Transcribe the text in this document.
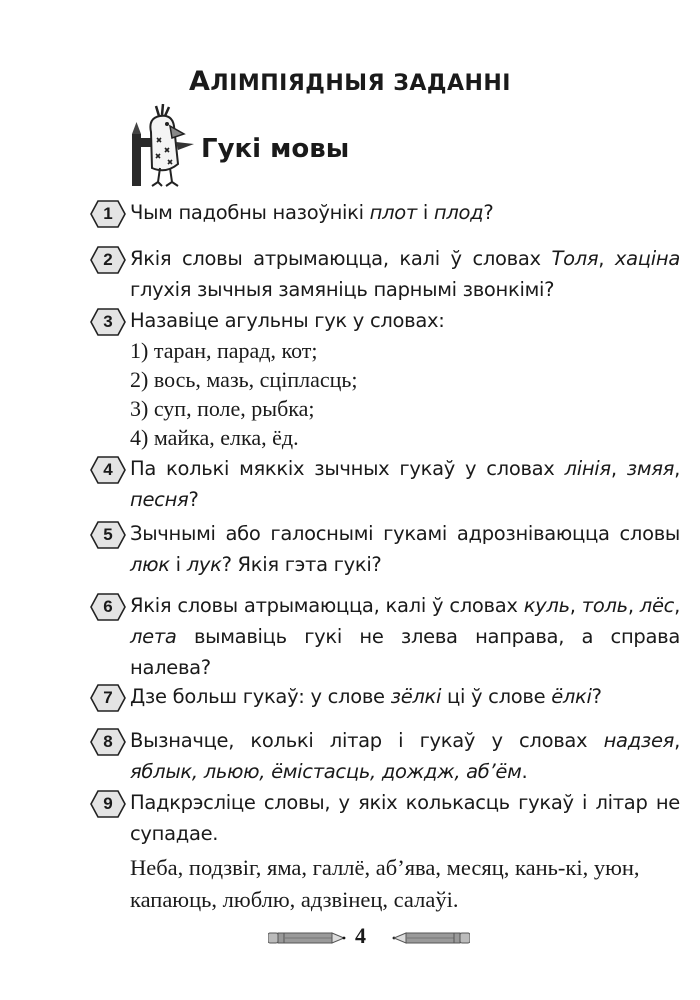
АЛІМПІЯДНЫЯ ЗАДАННІ
Гукі мовы
1 Чым падобны назоўнікі плот і плод?
2 Якія словы атрымаюцца, калі ў словах Толя, хаціна глухія зычныя замяніць парнымі звонкімі?
3 Назавіце агульны гук у словах:
1) таран, парад, кот;
2) вось, мазь, сціпласць;
3) суп, поле, рыбка;
4) майка, елка, ёд.
4 Па колькі мяккіх зычных гукаў у словах лінія, змяя, песня?
5 Зычнымі або галоснымі гукамі адрозніваюцца словы люк і лук? Якія гэта гукі?
6 Якія словы атрымаюцца, калі ў словах куль, толь, лёс, лета вымавіць гукі не злева направа, а справа налева?
7 Дзе больш гукаў: у слове зёлкі ці ў слове ёлкі?
8 Вызначце, колькі літар і гукаў у словах надзея, яблык, льюю, ёмістасць, дождж, аб’ём.
9 Падкрэсліце словы, у якіх колькасць гукаў і літар не супадае.
Неба, подзвіг, яма, галлё, аб’ява, месяц, кань-кі, уюн, капаюць, люблю, адзвінец, салаўі.
4
